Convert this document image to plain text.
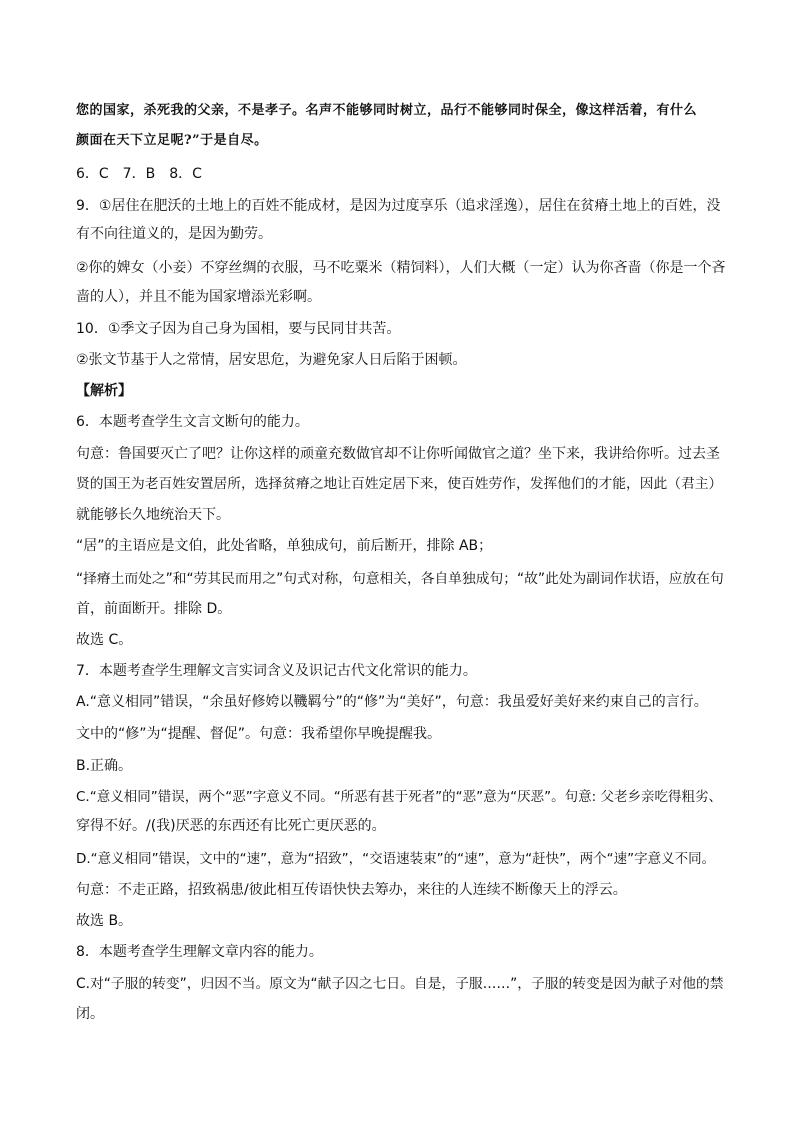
您的国家，杀死我的父亲，不是孝子。名声不能够同时树立，品行不能够同时保全，像这样活着，有什么
颜面在天下立足呢?”于是自尽。
6．C　7．B　8．C
9．①居住在肥沃的土地上的百姓不能成材，是因为过度享乐（追求淫逸），居住在贫瘠土地上的百姓，没
有不向往道义的，是因为勤劳。
②你的婢女（小妾）不穿丝绸的衣服，马不吃粟米（精饲料），人们大概（一定）认为你吝啬（你是一个吝
啬的人），并且不能为国家增添光彩啊。
10．①季文子因为自己身为国相，要与民同甘共苦。
②张文节基于人之常情，居安思危，为避免家人日后陷于困顿。
【解析】
6．本题考查学生文言文断句的能力。
句意：鲁国要灭亡了吧？让你这样的顽童充数做官却不让你听闻做官之道？坐下来，我讲给你听。过去圣
贤的国王为老百姓安置居所，选择贫瘠之地让百姓定居下来，使百姓劳作，发挥他们的才能，因此（君主）
就能够长久地统治天下。
“居”的主语应是文伯，此处省略，单独成句，前后断开，排除 AB；
“择瘠土而处之”和“劳其民而用之”句式对称，句意相关，各自单独成句；“故”此处为副词作状语，应放在句
首，前面断开。排除 D。
故选 C。
7．本题考查学生理解文言实词含义及识记古代文化常识的能力。
A.“意义相同”错误，“余虽好修姱以鞿羁兮”的“修”为“美好”，句意：我虽爱好美好来约束自己的言行。
文中的“修”为“提醒、督促”。句意：我希望你早晚提醒我。
B.正确。
C.“意义相同”错误，两个“恶”字意义不同。“所恶有甚于死者”的“恶”意为“厌恶”。句意: 父老乡亲吃得粗劣、
穿得不好。/(我)厌恶的东西还有比死亡更厌恶的。
D.“意义相同”错误，文中的“速”，意为“招致”，“交语速装束”的“速”，意为“赶快”，两个“速”字意义不同。
句意：不走正路，招致祸患/彼此相互传语快快去筹办，来往的人连续不断像天上的浮云。
故选 B。
8．本题考查学生理解文章内容的能力。
C.对“子服的转变”，归因不当。原文为“献子囚之七日。自是，子服……”，子服的转变是因为献子对他的禁
闭。
